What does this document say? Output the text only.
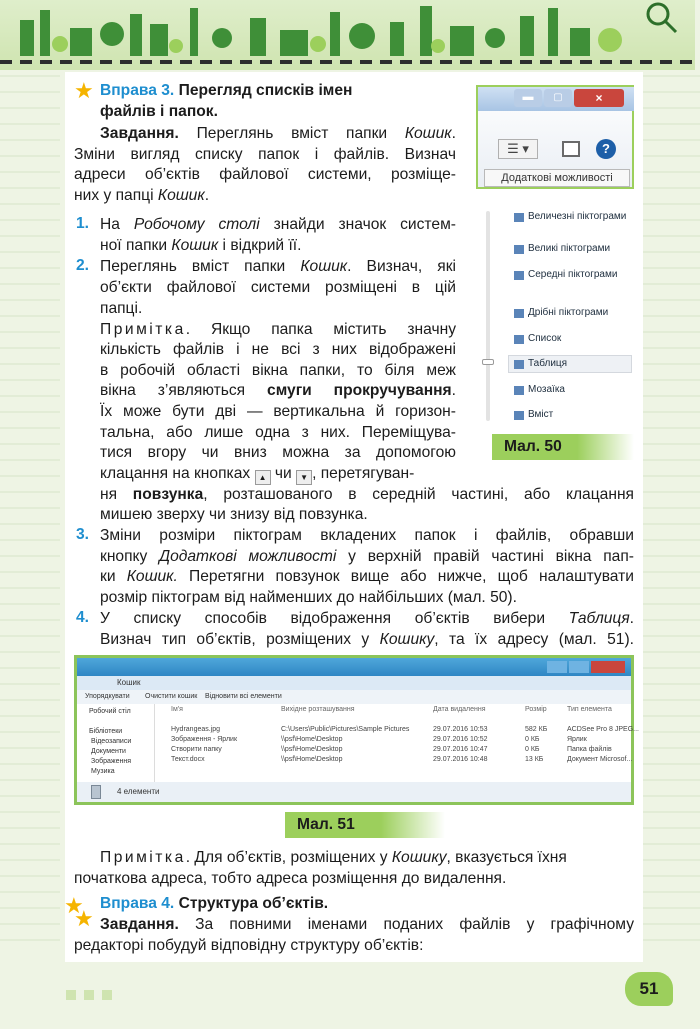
★ Вправа 3. Перегляд списків імен
файлів і папок.
Завдання. Переглянь вміст папки Кошик.
Зміни вигляд списку папок і файлів. Визнач
адреси об’єктів файлової системи, розміще-
них у папці Кошик.
1. На Робочому столі знайди значок систем-
ної папки Кошик і відкрий її.
2. Переглянь вміст папки Кошик. Визнач, які
об’єкти файлової системи розміщені в цій
папці.
Примітка. Якщо папка містить значну
кількість файлів і не всі з них відображені
в робочій області вікна папки, то біля меж
вікна з’являються смуги прокручування.
Їх може бути дві — вертикальна й горизон-
тальна, або лише одна з них. Переміщува-
тися вгору чи вниз можна за допомогою
клацання на кнопках ▲ чи ▼ , перетягуван-
ня повзунка, розташованого в середній частині, або клацання
мишею зверху чи знизу від повзунка.
3. Зміни розміри піктограм вкладених папок і файлів, обравши
кнопку Додаткові можливості у верхній правій частині вікна пап-
ки Кошик. Перетягни повзунок вище або нижче, щоб налаштувати
розмір піктограм від найменших до найбільших (мал. 50).
4. У списку способів відображення об’єктів вибери Таблиця.
Визнач тип об’єктів, розміщених у Кошику, та їх адресу (мал. 51).
▬	▢	×
☰ ▾	?
Додаткові можливості
Величезні піктограми
Великі піктограми
Середні піктограми
Дрібні піктограми
Список
Таблиця
Мозаїка
Вміст
Мал. 50
Кошик
Упорядкувати Очистити кошик Відновити всі елементи
Робочий стіл
Бібліотеки
Відеозаписи
Документи
Зображення
Музика
Ім'я	Вихідне розташування	Дата видалення	Розмір	Тип елемента
Hydrangeas.jpg	C:\Users\Public\Pictures\Sample Pictures	29.07.2016 10:53	582 КБ	ACDSee Pro 8 JPEG...
Зображення - Ярлик	\\psf\Home\Desktop	29.07.2016 10:52	0 КБ	Ярлик
Створити папку	\\psf\Home\Desktop	29.07.2016 10:47	0 КБ	Папка файлів
Текст.docx	\\psf\Home\Desktop	29.07.2016 10:48	13 КБ	Документ Microsof...
4 елементи
Мал. 51
Примітка. Для об’єктів, розміщених у Кошику, вказується їхня
початкова адреса, тобто адреса розміщення до видалення.
★
★
Вправа 4. Структура об’єктів.
Завдання. За повними іменами поданих файлів у графічному
редакторі побудуй відповідну структуру об’єктів:
51
